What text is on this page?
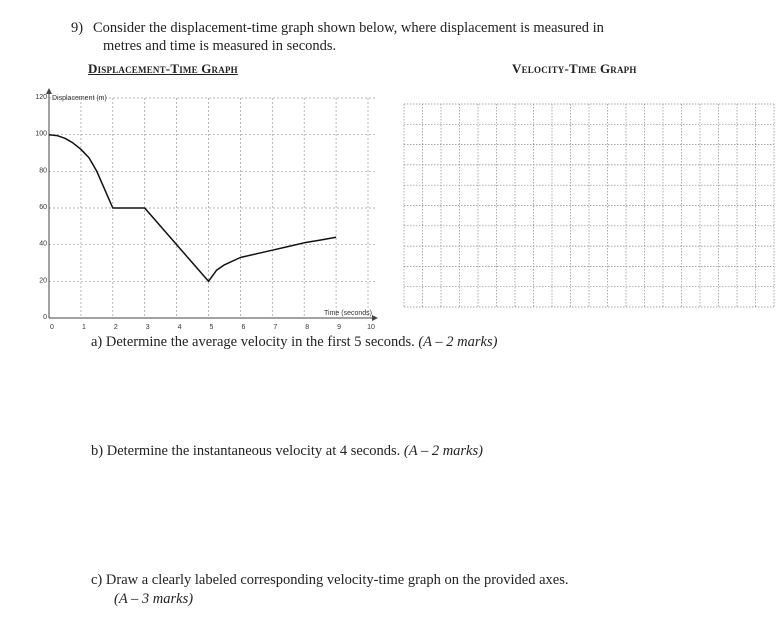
9) Consider the displacement-time graph shown below, where displacement is measured in
metres and time is measured in seconds.
Displacement-Time Graph	Velocity-Time Graph
0	1	2	3	4	5	6	7	8	9	10
0
20
40
60
80
100
120 Displacement (m)
Time (seconds)
a) Determine the average velocity in the first 5 seconds. (A – 2 marks)
b) Determine the instantaneous velocity at 4 seconds. (A – 2 marks)
c) Draw a clearly labeled corresponding velocity-time graph on the provided axes.
(A – 3 marks)
